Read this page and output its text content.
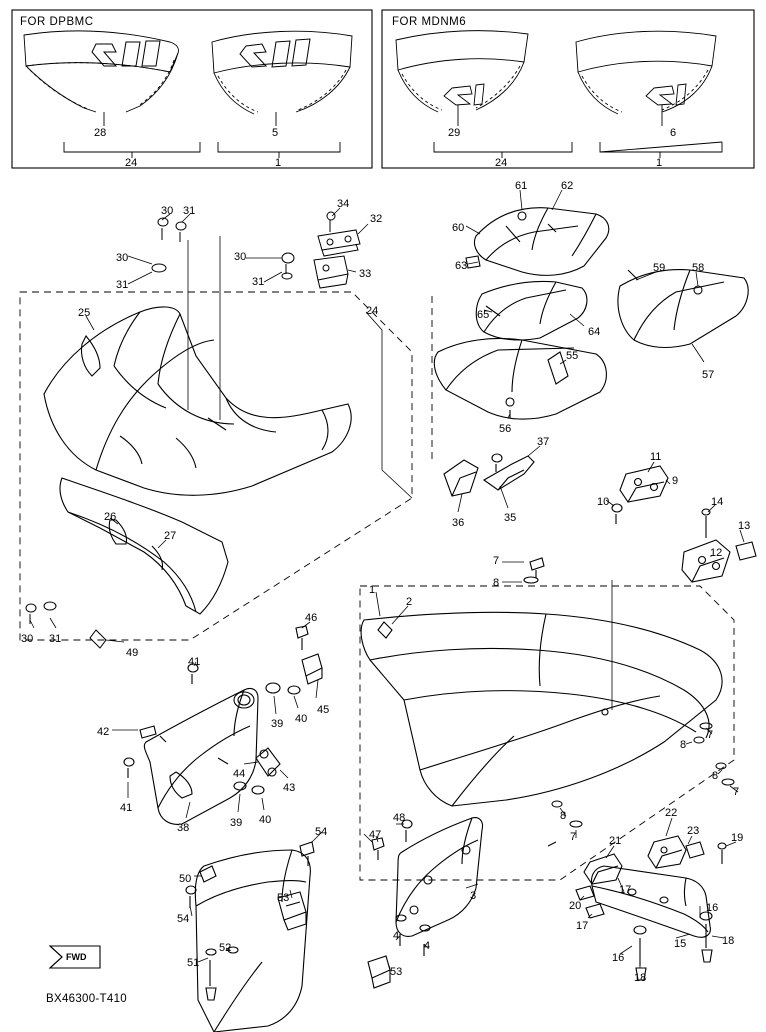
FOR DPBMC	FOR MDNM6
28	5
24	1
29	6
24	1
30 31
34
32
30	30
33
31	31
61	62
60
63	59 58
65
64
57
55
56
24
25
26
27
30 31
49
37
36	35
11
9
10	14
13
12
7
8
1
2
46
41
45
39 40
42
44
43
41
38	39 40
8
7
8
7
8
7
22
23
19
21
17
20
17
16
15	18
16
18
48
47
3
4
4
54
50
53
54
51
52
53
FWD
BX46300-T410
